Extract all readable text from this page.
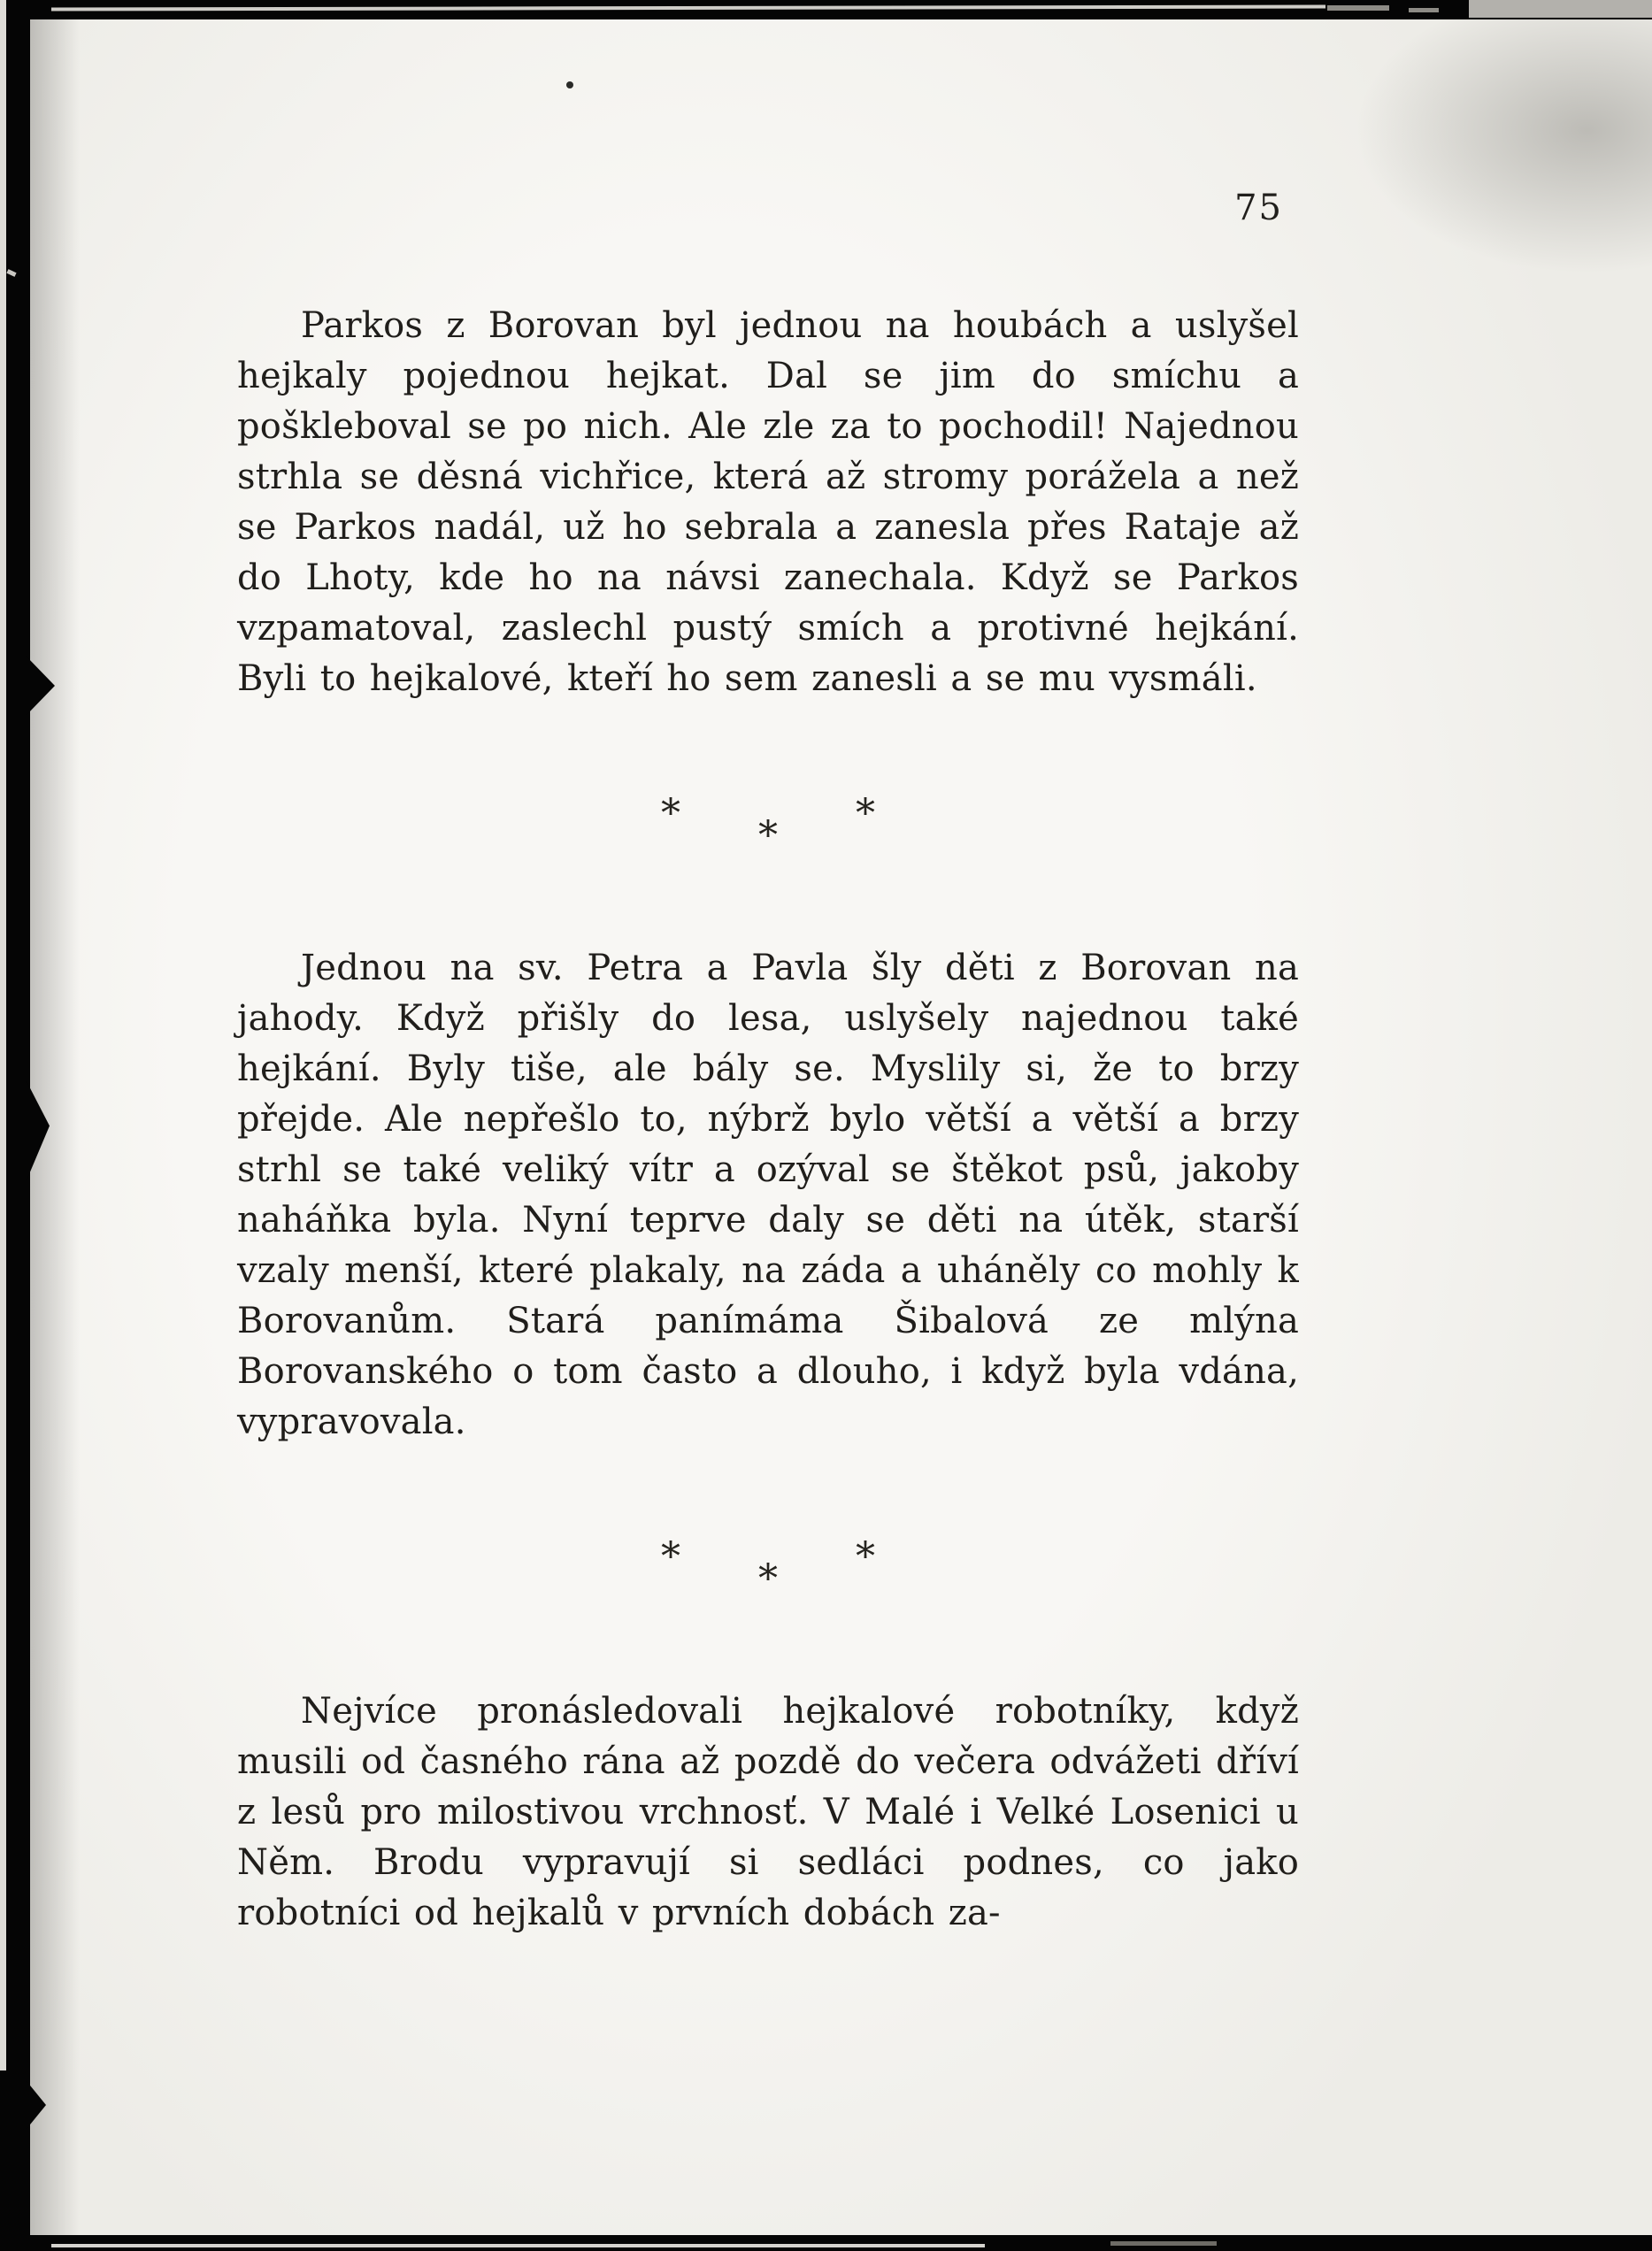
75

Parkos z Borovan byl jednou na houbách a uslyšel hejkaly pojednou hejkat. Dal se jim do smíchu a poškleboval se po nich. Ale zle za to pochodil! Najednou strhla se děsná vichřice, která až stromy porážela a než se Parkos nadál, už ho sebrala a zanesla přes Rataje až do Lhoty, kde ho na návsi zanechala. Když se Parkos vzpamatoval, zaslechl pustý smích a protivné hejkání. Byli to hejkalové, kteří ho sem zanesli a se mu vysmáli.

* * *

Jednou na sv. Petra a Pavla šly děti z Borovan na jahody. Když přišly do lesa, uslyšely najednou také hejkání. Byly tiše, ale bály se. Myslily si, že to brzy přejde. Ale nepřešlo to, nýbrž bylo větší a větší a brzy strhl se také veliký vítr a ozýval se štěkot psů, jakoby naháňka byla. Nyní teprve daly se děti na útěk, starší vzaly menší, které plakaly, na záda a uháněly co mohly k Borovanům. Stará panímáma Šibalová ze mlýna Borovanského o tom často a dlouho, i když byla vdána, vypravovala.

* * *

Nejvíce pronásledovali hejkalové robotníky, když musili od časného rána až pozdě do večera odvážeti dříví z lesů pro milostivou vrchnosť. V Malé i Velké Losenici u Něm. Brodu vypravují si sedláci podnes, co jako robotníci od hejkalů v prvních dobách za-
